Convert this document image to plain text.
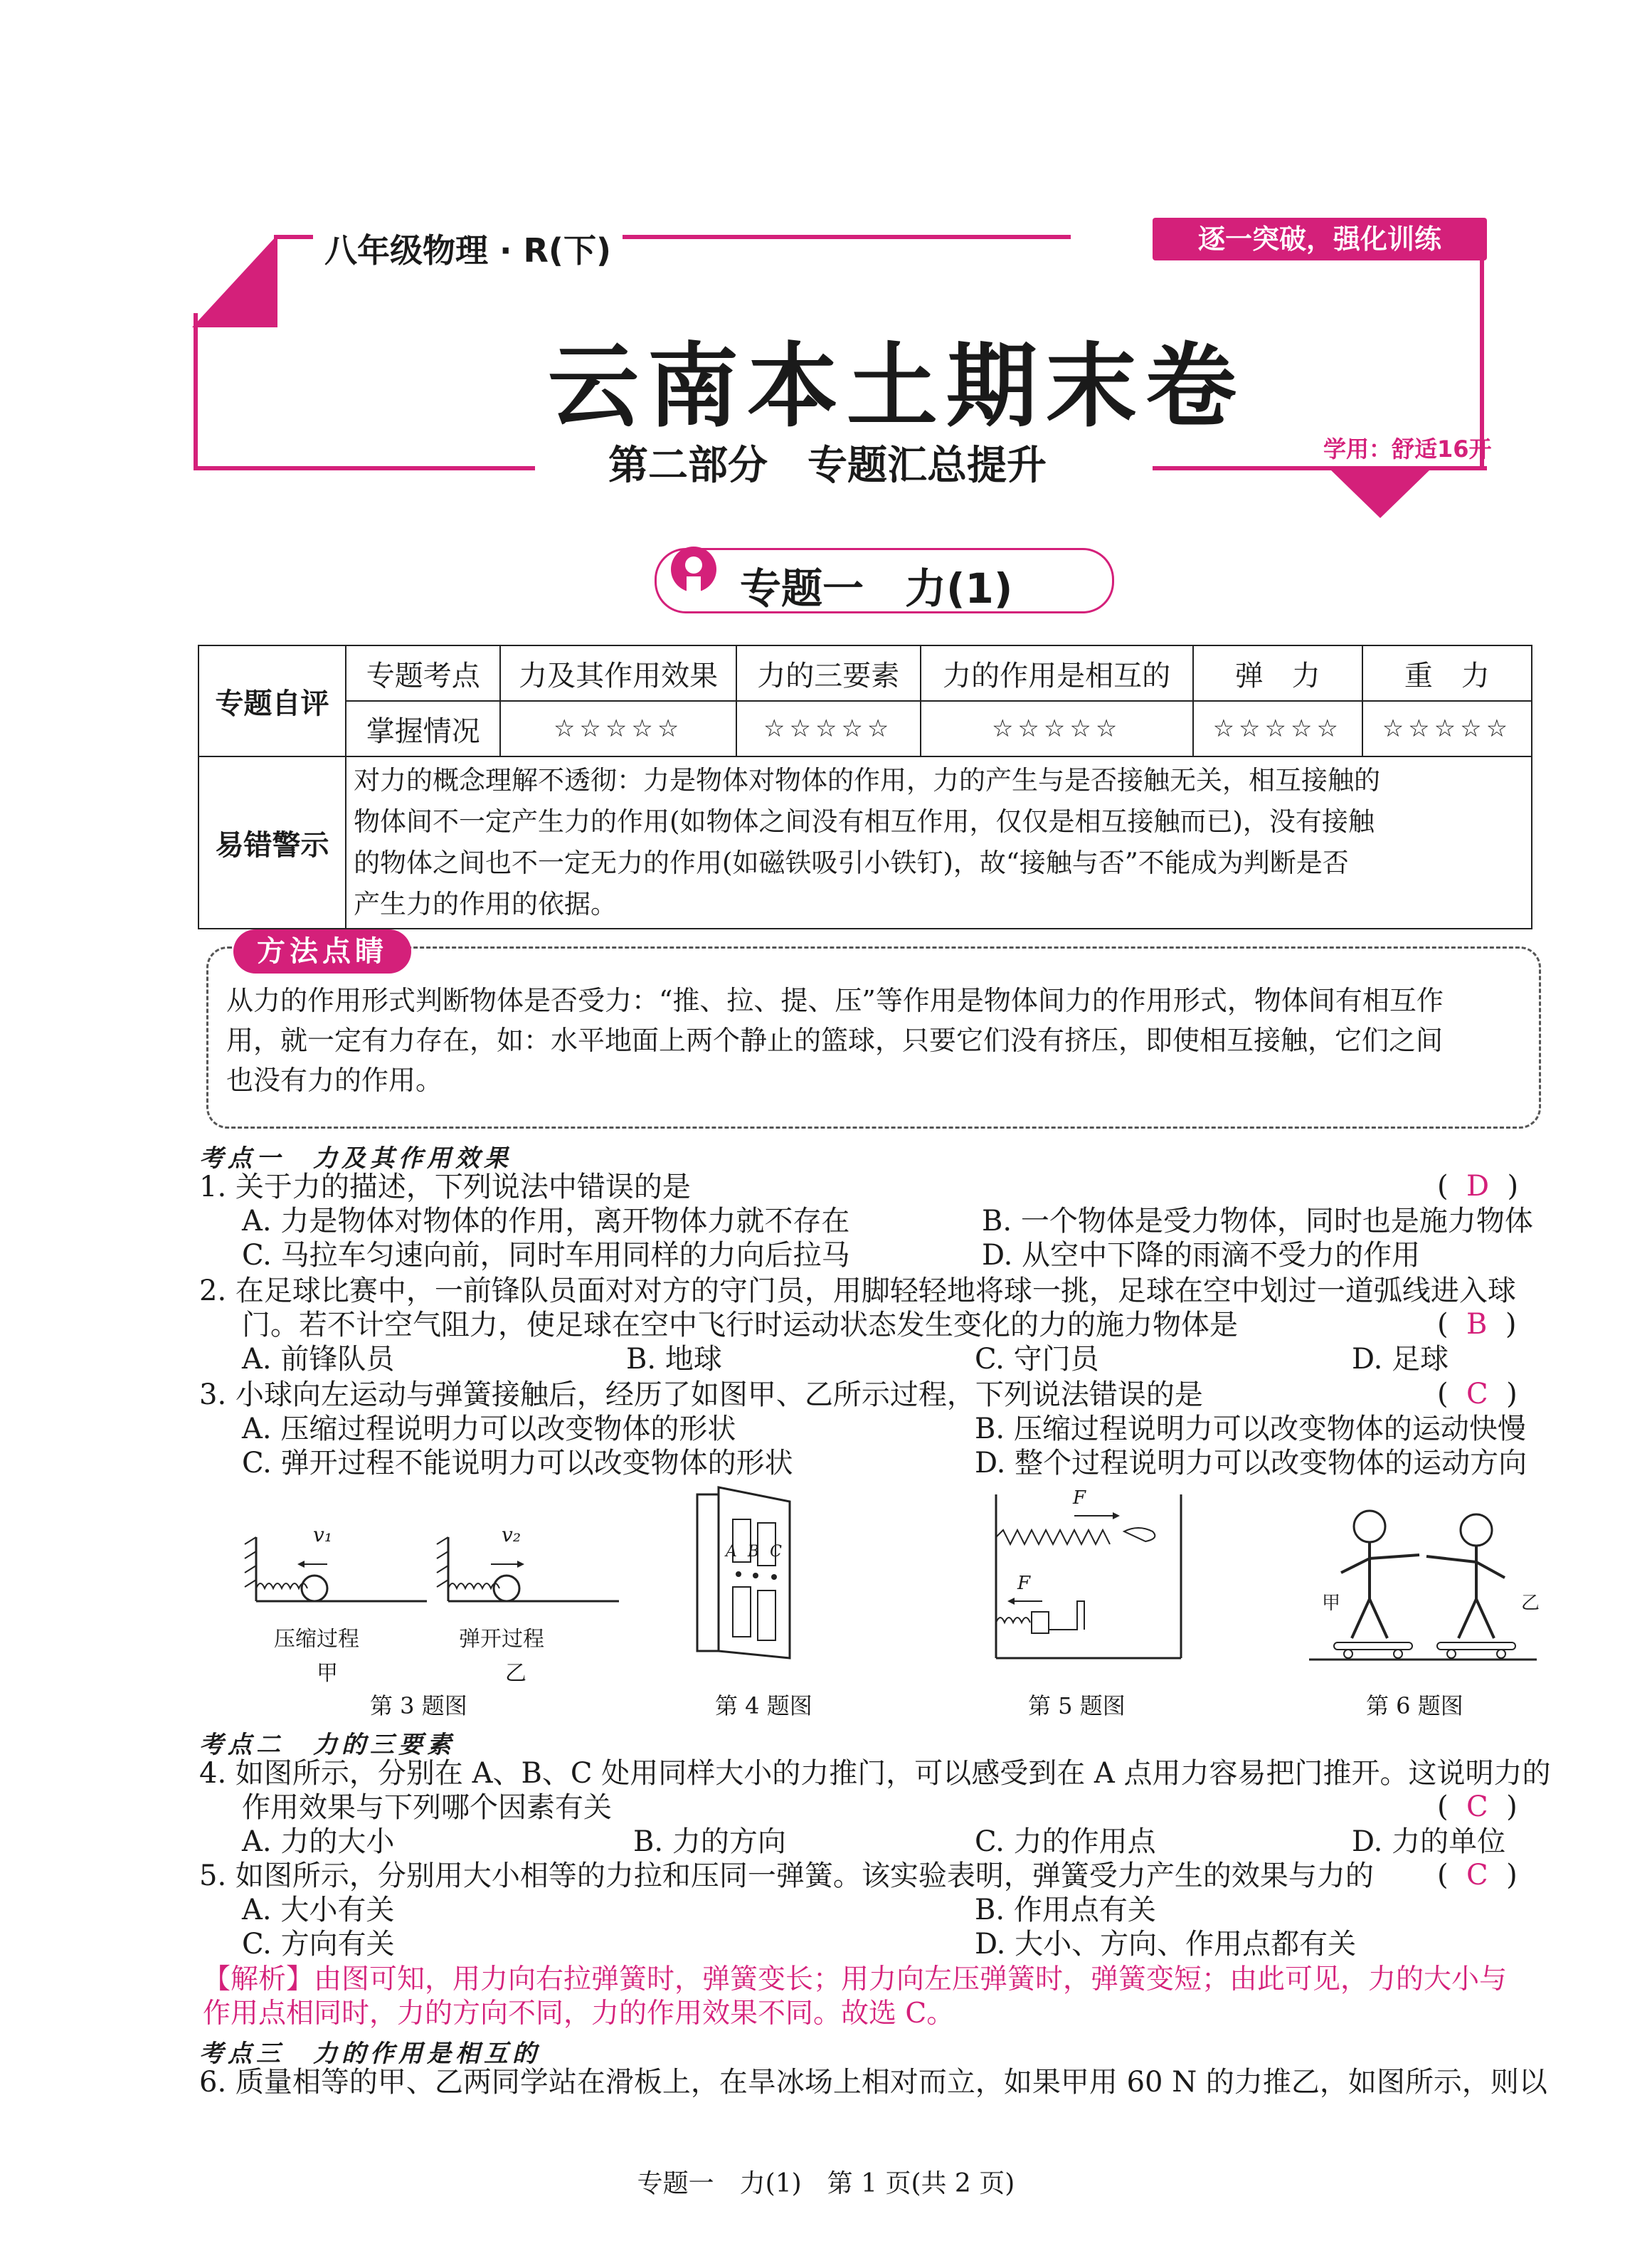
八年级物理 · R(下)	逐一突破，强化训练
云南本土期末卷
第二部分　专题汇总提升	学用：舒适16开
专题一　力(1)
专题自评	专题考点	力及其作用效果	力的三要素	力的作用是相互的	弹　力	重　力
	掌握情况	☆☆☆☆☆	☆☆☆☆☆	☆☆☆☆☆	☆☆☆☆☆	☆☆☆☆☆
易错警示	对力的概念理解不透彻：力是物体对物体的作用，力的产生与是否接触无关，相互接触的
物体间不一定产生力的作用(如物体之间没有相互作用，仅仅是相互接触而已)，没有接触
的物体之间也不一定无力的作用(如磁铁吸引小铁钉)，故“接触与否”不能成为判断是否
产生力的作用的依据。					
方法点睛
从力的作用形式判断物体是否受力：“推、拉、提、压”等作用是物体间力的作用形式，物体间有相互作
用，就一定有力存在，如：水平地面上两个静止的篮球，只要它们没有挤压，即使相互接触，它们之间
也没有力的作用。
考点一　力及其作用效果
1. 关于力的描述，下列说法中错误的是	(  D  )
A. 力是物体对物体的作用，离开物体力就不存在	B. 一个物体是受力物体，同时也是施力物体
C. 马拉车匀速向前，同时车用同样的力向后拉马	D. 从空中下降的雨滴不受力的作用
2. 在足球比赛中，一前锋队员面对对方的守门员，用脚轻轻地将球一挑，足球在空中划过一道弧线进入球
门。若不计空气阻力，使足球在空中飞行时运动状态发生变化的力的施力物体是	(  B  )
A. 前锋队员	B. 地球	C. 守门员	D. 足球
3. 小球向左运动与弹簧接触后，经历了如图甲、乙所示过程，下列说法错误的是	(  C  )
A. 压缩过程说明力可以改变物体的形状	B. 压缩过程说明力可以改变物体的运动快慢
C. 弹开过程不能说明力可以改变物体的形状	D. 整个过程说明力可以改变物体的运动方向
v₁
压缩过程
甲
v₂
弹开过程
乙
A B C
F
F
甲	乙
第 3 题图	第 4 题图	第 5 题图	第 6 题图
考点二　力的三要素
4. 如图所示，分别在 A、B、C 处用同样大小的力推门，可以感受到在 A 点用力容易把门推开。这说明力的
作用效果与下列哪个因素有关	(  C  )
A. 力的大小	B. 力的方向	C. 力的作用点	D. 力的单位
5. 如图所示，分别用大小相等的力拉和压同一弹簧。该实验表明，弹簧受力产生的效果与力的 (  C  )
A. 大小有关	B. 作用点有关
C. 方向有关	D. 大小、方向、作用点都有关
【解析】由图可知，用力向右拉弹簧时，弹簧变长；用力向左压弹簧时，弹簧变短；由此可见，力的大小与
作用点相同时，力的方向不同，力的作用效果不同。故选 C。
考点三　力的作用是相互的
6. 质量相等的甲、乙两同学站在滑板上，在旱冰场上相对而立，如果甲用 60 N 的力推乙，如图所示，则以
专题一　力(1)　第 1 页(共 2 页)
